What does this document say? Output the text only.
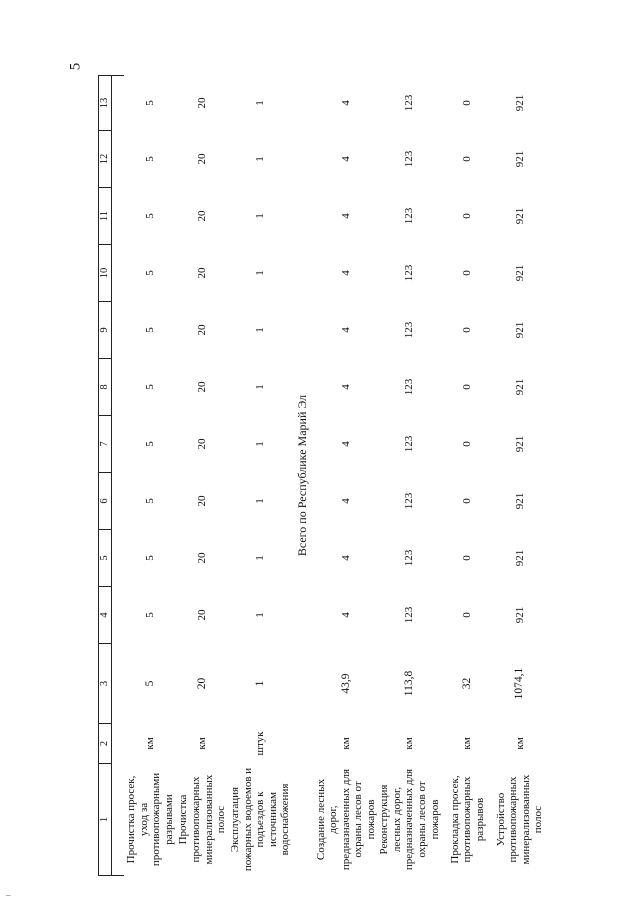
5
1	2	3	4	5	6	7	8	9	10	11	12	13

Прочистка просек, уход за противопожарными разрывами	км	5	5	5	5	5	5	5	5	5	5	5
Прочистка противопожарных минерализованных полос	км	20	20	20	20	20	20	20	20	20	20	20
Эксплуатация пожарных водоемов и подъездов к источникам водоснабжения	штук	1	1	1	1	1	1	1	1	1	1	1
Всего по Республике Марий Эл												
Создание лесных дорог, предназначенных для охраны лесов от пожаров	км	43,9	4	4	4	4	4	4	4	4	4	4
Реконструкция лесных дорог, предназначенных для охраны лесов от пожаров	км	113,8	123	123	123	123	123	123	123	123	123	123
Прокладка просек, противопожарных разрывов	км	32	0	0	0	0	0	0	0	0	0	0
Устройство противопожарных минерализованных полос	км	1074,1	921	921	921	921	921	921	921	921	921	921
–
